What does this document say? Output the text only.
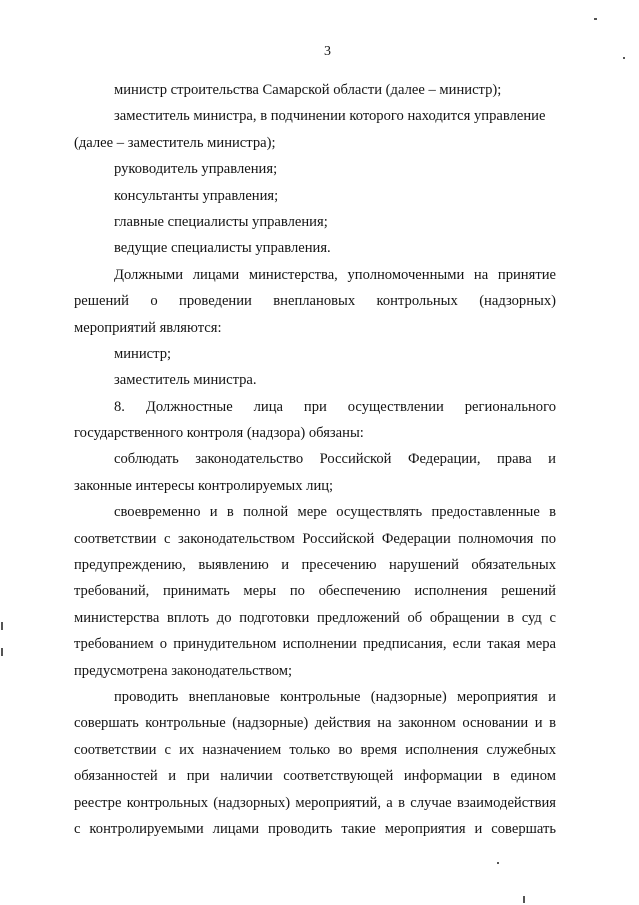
3
министр строительства Самарской области (далее – министр);
заместитель министра, в подчинении которого находится управление
(далее – заместитель министра);
руководитель управления;
консультанты управления;
главные специалисты управления;
ведущие специалисты управления.
Должными лицами министерства, уполномоченными на принятие
решений о проведении внеплановых контрольных (надзорных)
мероприятий являются:
министр;
заместитель министра.
8. Должностные лица при осуществлении регионального
государственного контроля (надзора) обязаны:
соблюдать законодательство Российской Федерации, права и
законные интересы контролируемых лиц;
своевременно и в полной мере осуществлять предоставленные в
соответствии с законодательством Российской Федерации полномочия по
предупреждению, выявлению и пресечению нарушений обязательных
требований, принимать меры по обеспечению исполнения решений
министерства вплоть до подготовки предложений об обращении в суд с
требованием о принудительном исполнении предписания, если такая мера
предусмотрена законодательством;
проводить внеплановые контрольные (надзорные) мероприятия и
совершать контрольные (надзорные) действия на законном основании и в
соответствии с их назначением только во время исполнения служебных
обязанностей и при наличии соответствующей информации в едином
реестре контрольных (надзорных) мероприятий, а в случае взаимодействия
с контролируемыми лицами проводить такие мероприятия и совершать
